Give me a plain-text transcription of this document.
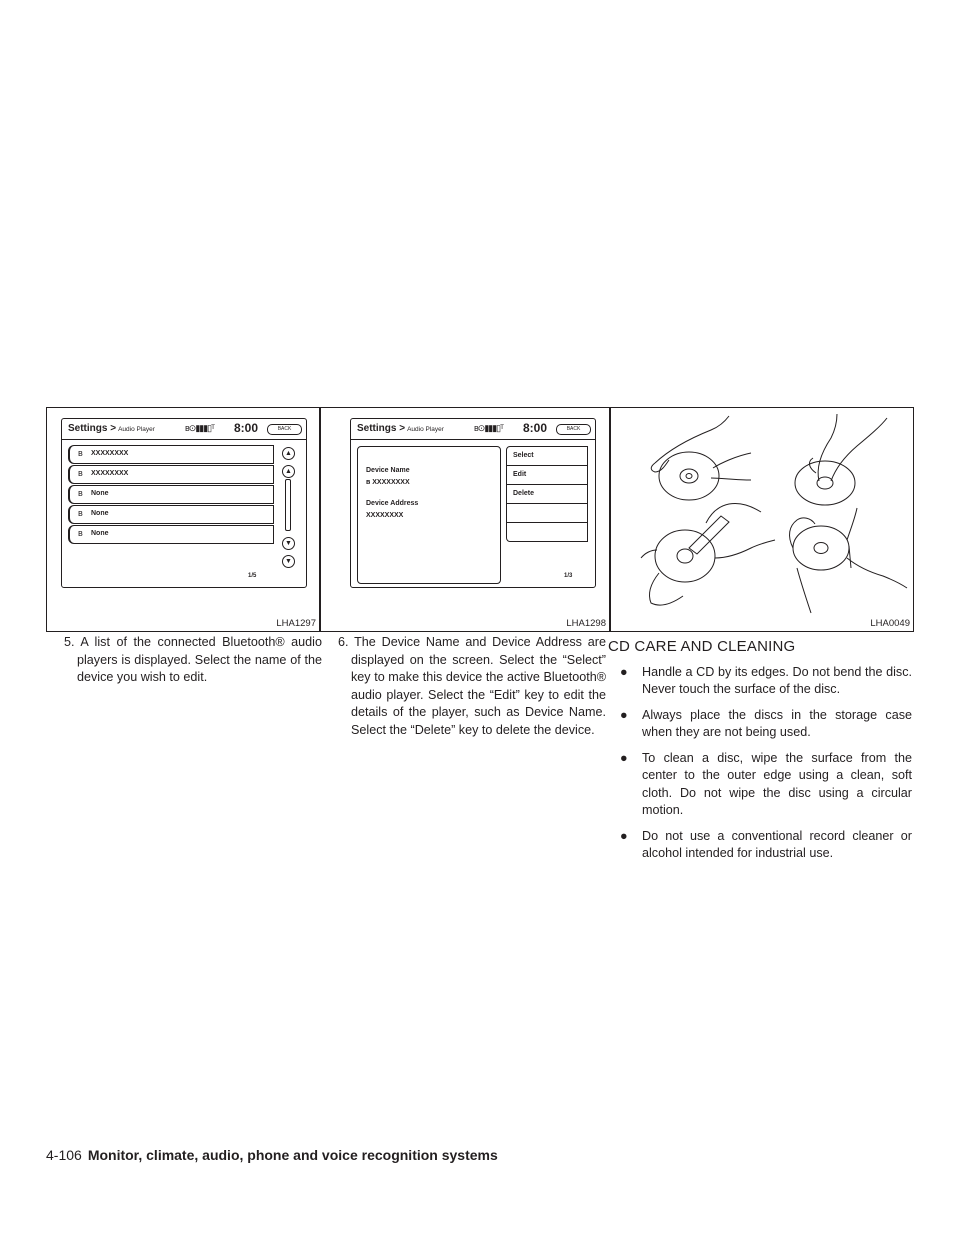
Settings > Audio Player	ʙ⊙▮▮▮▯ᵀ 8:00	BACK
ʙ XXXXXXXX
ʙ XXXXXXXX
ʙ None
ʙ None
ʙ None
▲
▲
▼
▼
1/5
LHA1297
Settings > Audio Player	ʙ⊙▮▮▮▯ᵀ 8:00	BACK
Device Name
ʙ XXXXXXXX
Device Address
XXXXXXXX
Select
Edit
Delete
1/3
LHA1298	LHA0049

5. A list of the connected Bluetooth® audio players is displayed. Select the name of the device you wish to edit.

6. The Device Name and Device Address are displayed on the screen. Select the “Select” key to make this device the active Bluetooth® audio player. Select the “Edit” key to edit the details of the player, such as Device Name. Select the “Delete” key to delete the device.

CD CARE AND CLEANING
● Handle a CD by its edges. Do not bend the disc. Never touch the surface of the disc.
● Always place the discs in the storage case when they are not being used.
● To clean a disc, wipe the surface from the center to the outer edge using a clean, soft cloth. Do not wipe the disc using a circular motion.
● Do not use a conventional record cleaner or alcohol intended for industrial use.
4-106 Monitor, climate, audio, phone and voice recognition systems
